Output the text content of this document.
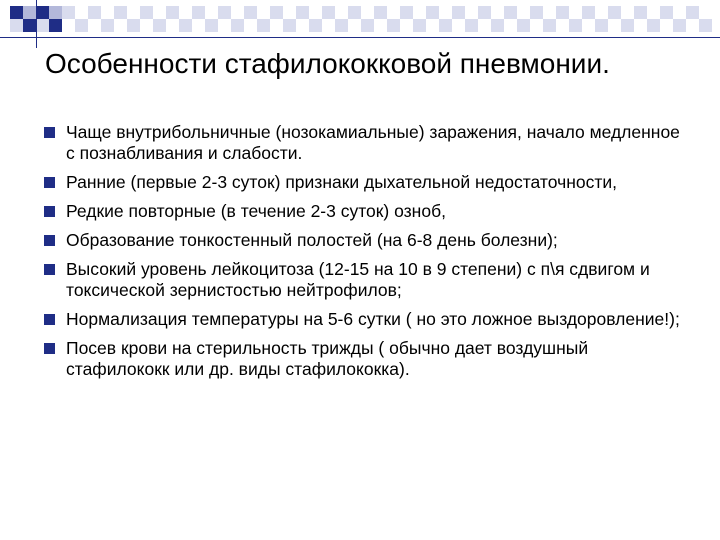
Особенности стафилококковой пневмонии.
Чаще внутрибольничные (нозокамиальные) заражения, начало медленное с познабливания и слабости.
Ранние (первые 2-3 суток) признаки дыхательной недостаточности,
Редкие повторные (в течение 2-3 суток) озноб,
Образование тонкостенный полостей (на 6-8 день болезни);
Высокий уровень лейкоцитоза (12-15 на 10 в 9 степени) с п\я сдвигом и токсической зернистостью нейтрофилов;
Нормализация температуры на 5-6 сутки ( но это ложное выздоровление!);
Посев крови на стерильность трижды ( обычно дает воздушный стафилококк или др. виды стафилококка).
